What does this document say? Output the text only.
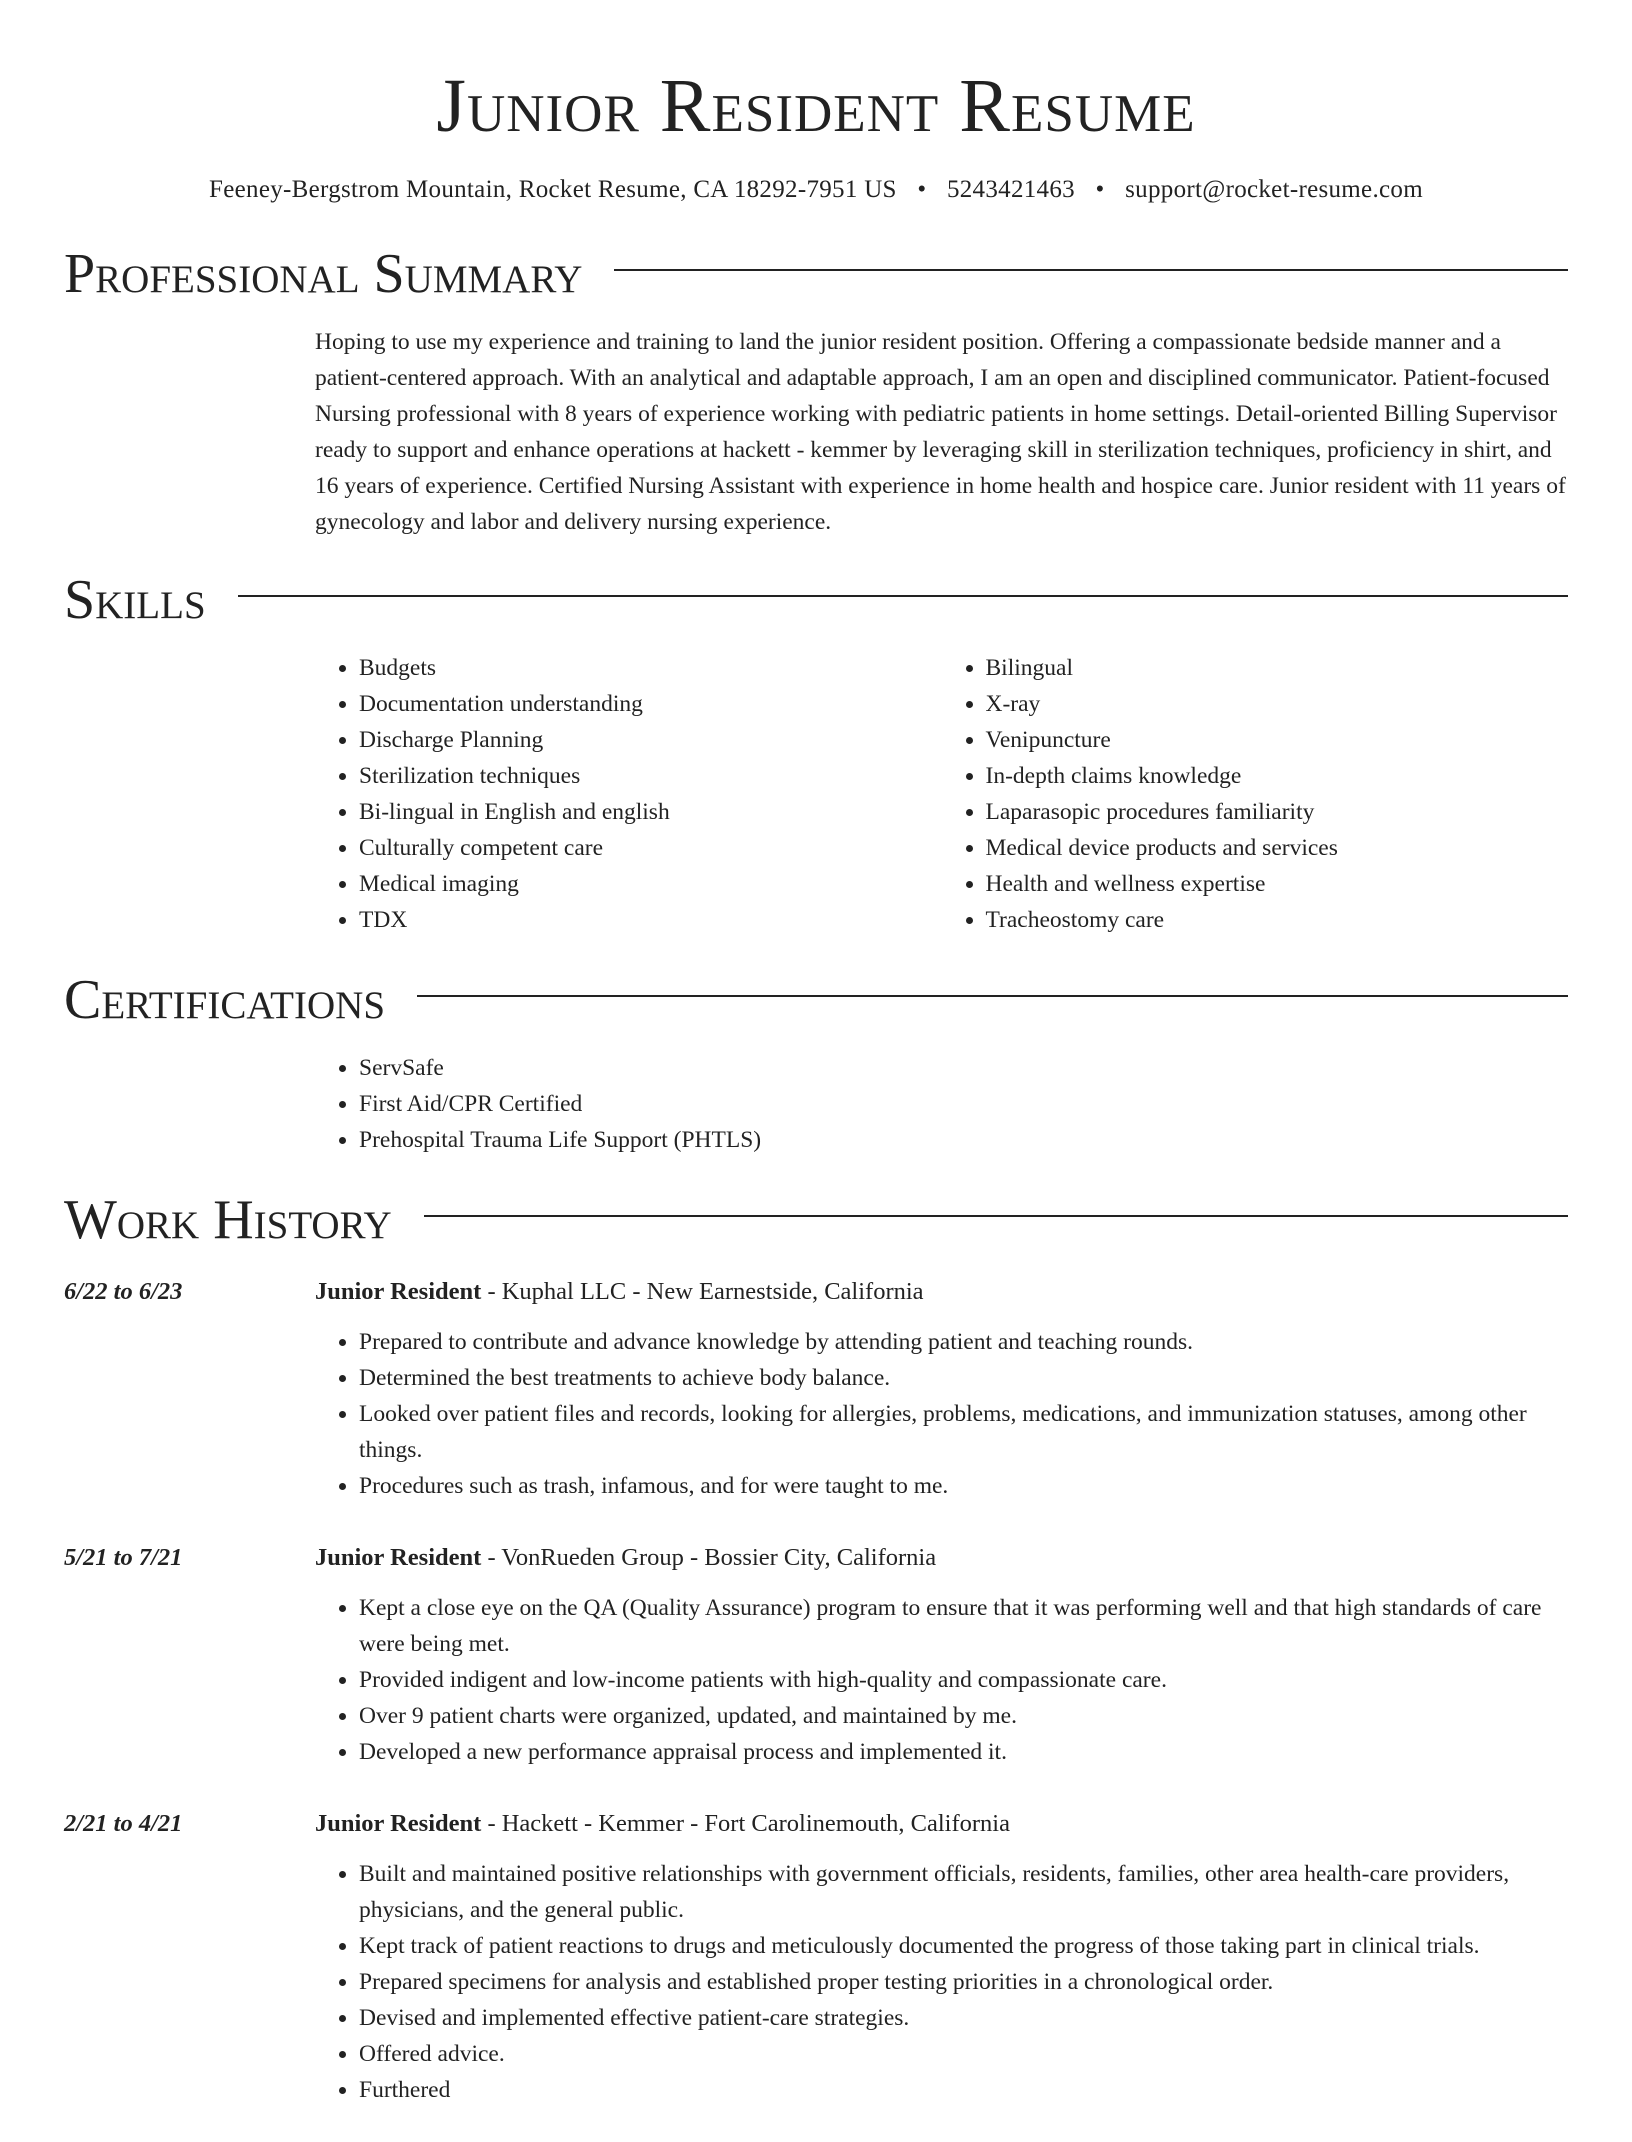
Junior Resident Resume
Feeney-Bergstrom Mountain, Rocket Resume, CA 18292-7951 US • 5243421463 • support@rocket-resume.com
Professional Summary
Hoping to use my experience and training to land the junior resident position. Offering a compassionate bedside manner and a patient-centered approach. With an analytical and adaptable approach, I am an open and disciplined communicator. Patient-focused Nursing professional with 8 years of experience working with pediatric patients in home settings. Detail-oriented Billing Supervisor ready to support and enhance operations at hackett - kemmer by leveraging skill in sterilization techniques, proficiency in shirt, and 16 years of experience. Certified Nursing Assistant with experience in home health and hospice care. Junior resident with 11 years of gynecology and labor and delivery nursing experience.
Skills
• Budgets
• Documentation understanding
• Discharge Planning
• Sterilization techniques
• Bi-lingual in English and english
• Culturally competent care
• Medical imaging
• TDX
• Bilingual
• X-ray
• Venipuncture
• In-depth claims knowledge
• Laparasopic procedures familiarity
• Medical device products and services
• Health and wellness expertise
• Tracheostomy care
Certifications
• ServSafe
• First Aid/CPR Certified
• Prehospital Trauma Life Support (PHTLS)
Work History
6/22 to 6/23	Junior Resident - Kuphal LLC - New Earnestside, California
• Prepared to contribute and advance knowledge by attending patient and teaching rounds.
• Determined the best treatments to achieve body balance.
• Looked over patient files and records, looking for allergies, problems, medications, and immunization statuses, among other things.
• Procedures such as trash, infamous, and for were taught to me.
5/21 to 7/21	Junior Resident - VonRueden Group - Bossier City, California
• Kept a close eye on the QA (Quality Assurance) program to ensure that it was performing well and that high standards of care were being met.
• Provided indigent and low-income patients with high-quality and compassionate care.
• Over 9 patient charts were organized, updated, and maintained by me.
• Developed a new performance appraisal process and implemented it.
2/21 to 4/21	Junior Resident - Hackett - Kemmer - Fort Carolinemouth, California
• Built and maintained positive relationships with government officials, residents, families, other area health-care providers, physicians, and the general public.
• Kept track of patient reactions to drugs and meticulously documented the progress of those taking part in clinical trials.
• Prepared specimens for analysis and established proper testing priorities in a chronological order.
• Devised and implemented effective patient-care strategies.
• Offered advice.
• Furthered
